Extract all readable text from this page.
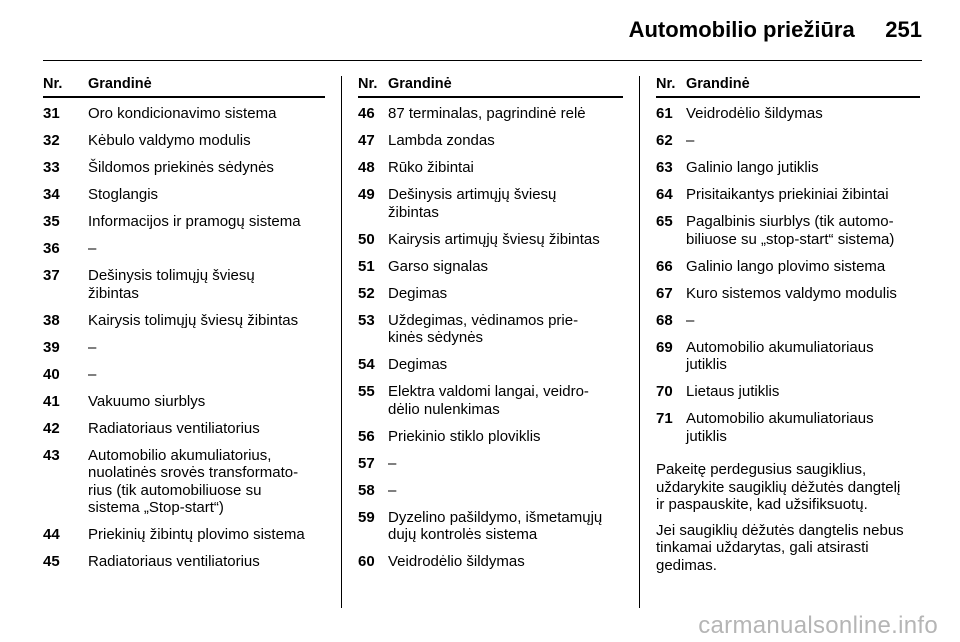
Automobilio priežiūra 251
Nr.	Grandinė
31	Oro kondicionavimo sistema
32	Kėbulo valdymo modulis
33	Šildomos priekinės sėdynės
34	Stoglangis
35	Informacijos ir pramogų sistema
36	–
37	Dešinysis tolimųjų šviesų
žibintas
38	Kairysis tolimųjų šviesų žibintas
39	–
40	–
41	Vakuumo siurblys
42	Radiatoriaus ventiliatorius
43	Automobilio akumuliatorius,
nuolatinės srovės transformato-
rius (tik automobiliuose su
sistema „Stop-start“)
44	Priekinių žibintų plovimo sistema
45	Radiatoriaus ventiliatorius
Nr. Grandinė
46 87 terminalas, pagrindinė relė
47 Lambda zondas
48 Rūko žibintai
49 Dešinysis artimųjų šviesų
žibintas
50 Kairysis artimųjų šviesų žibintas
51 Garso signalas
52 Degimas
53 Uždegimas, vėdinamos prie-
kinės sėdynės
54 Degimas
55 Elektra valdomi langai, veidro-
dėlio nulenkimas
56 Priekinio stiklo ploviklis
57 –
58 –
59 Dyzelino pašildymo, išmetamųjų
dujų kontrolės sistema
60 Veidrodėlio šildymas
Nr. Grandinė
61 Veidrodėlio šildymas
62 –
63 Galinio lango jutiklis
64 Prisitaikantys priekiniai žibintai
65 Pagalbinis siurblys (tik automo-
biliuose su „stop-start“ sistema)
66 Galinio lango plovimo sistema
67 Kuro sistemos valdymo modulis
68 –
69 Automobilio akumuliatoriaus
jutiklis
70 Lietaus jutiklis
71 Automobilio akumuliatoriaus
jutiklis
Pakeitę perdegusius saugiklius,
uždarykite saugiklių dėžutės dangtelį
ir paspauskite, kad užsifiksuotų.
Jei saugiklių dėžutės dangtelis nebus
tinkamai uždarytas, gali atsirasti
gedimas.
carmanualsonline.info
